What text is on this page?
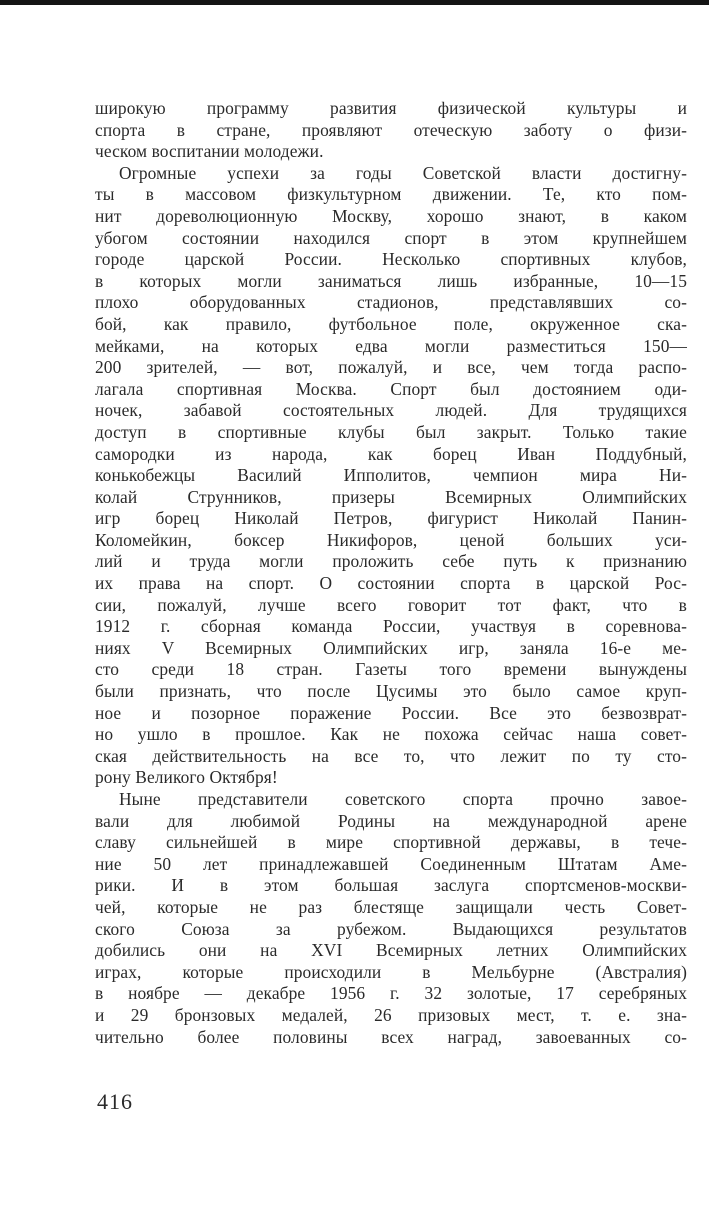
широкую программу развития физической культуры и
спорта в стране, проявляют отеческую заботу о физи-
ческом воспитании молодежи.
Огромные успехи за годы Советской власти достигну-
ты в массовом физкультурном движении. Те, кто пом-
нит дореволюционную Москву, хорошо знают, в каком
убогом состоянии находился спорт в этом крупнейшем
городе царской России. Несколько спортивных клубов,
в которых могли заниматься лишь избранные, 10—15
плохо оборудованных стадионов, представлявших со-
бой, как правило, футбольное поле, окруженное ска-
мейками, на которых едва могли разместиться 150—
200 зрителей, — вот, пожалуй, и все, чем тогда распо-
лагала спортивная Москва. Спорт был достоянием оди-
ночек, забавой состоятельных людей. Для трудящихся
доступ в спортивные клубы был закрыт. Только такие
самородки из народа, как борец Иван Поддубный,
конькобежцы Василий Ипполитов, чемпион мира Ни-
колай Струнников, призеры Всемирных Олимпийских
игр борец Николай Петров, фигурист Николай Панин-
Коломейкин, боксер Никифоров, ценой больших уси-
лий и труда могли проложить себе путь к признанию
их права на спорт. О состоянии спорта в царской Рос-
сии, пожалуй, лучше всего говорит тот факт, что в
1912 г. сборная команда России, участвуя в соревнова-
ниях V Всемирных Олимпийских игр, заняла 16-е ме-
сто среди 18 стран. Газеты того времени вынуждены
были признать, что после Цусимы это было самое круп-
ное и позорное поражение России. Все это безвозврат-
но ушло в прошлое. Как не похожа сейчас наша совет-
ская действительность на все то, что лежит по ту сто-
рону Великого Октября!
Ныне представители советского спорта прочно завое-
вали для любимой Родины на международной арене
славу сильнейшей в мире спортивной державы, в тече-
ние 50 лет принадлежавшей Соединенным Штатам Аме-
рики. И в этом большая заслуга спортсменов-москви-
чей, которые не раз блестяще защищали честь Совет-
ского Союза за рубежом. Выдающихся результатов
добились они на XVI Всемирных летних Олимпийских
играх, которые происходили в Мельбурне (Австралия)
в ноябре — декабре 1956 г. 32 золотые, 17 серебряных
и 29 бронзовых медалей, 26 призовых мест, т. е. зна-
чительно более половины всех наград, завоеванных со-
416
